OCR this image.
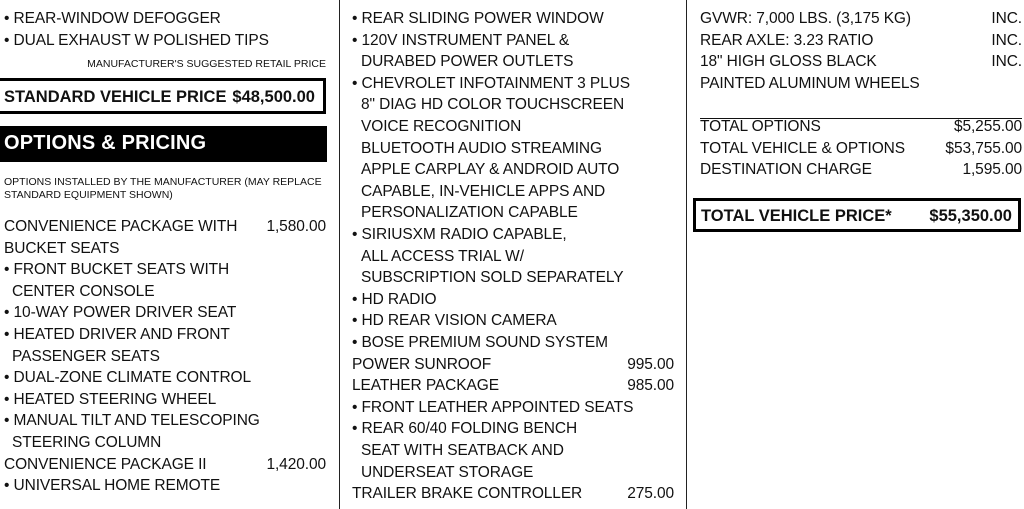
• REAR-WINDOW DEFOGGER
• DUAL EXHAUST W POLISHED TIPS
MANUFACTURER'S SUGGESTED RETAIL PRICE
STANDARD VEHICLE PRICE $48,500.00
OPTIONS & PRICING
OPTIONS INSTALLED BY THE MANUFACTURER (MAY REPLACE STANDARD EQUIPMENT SHOWN)
CONVENIENCE PACKAGE WITH 1,580.00
BUCKET SEATS
• FRONT BUCKET SEATS WITH
CENTER CONSOLE
• 10-WAY POWER DRIVER SEAT
• HEATED DRIVER AND FRONT
PASSENGER SEATS
• DUAL-ZONE CLIMATE CONTROL
• HEATED STEERING WHEEL
• MANUAL TILT AND TELESCOPING
STEERING COLUMN
CONVENIENCE PACKAGE II	1,420.00
• UNIVERSAL HOME REMOTE
• REAR SLIDING POWER WINDOW
• 120V INSTRUMENT PANEL &
DURABED POWER OUTLETS
• CHEVROLET INFOTAINMENT 3 PLUS
8" DIAG HD COLOR TOUCHSCREEN
VOICE RECOGNITION
BLUETOOTH AUDIO STREAMING
APPLE CARPLAY & ANDROID AUTO
CAPABLE, IN-VEHICLE APPS AND
PERSONALIZATION CAPABLE
• SIRIUSXM RADIO CAPABLE,
ALL ACCESS TRIAL W/
SUBSCRIPTION SOLD SEPARATELY
• HD RADIO
• HD REAR VISION CAMERA
• BOSE PREMIUM SOUND SYSTEM
POWER SUNROOF	995.00
LEATHER PACKAGE	985.00
• FRONT LEATHER APPOINTED SEATS
• REAR 60/40 FOLDING BENCH
SEAT WITH SEATBACK AND
UNDERSEAT STORAGE
TRAILER BRAKE CONTROLLER	275.00
GVWR: 7,000 LBS. (3,175 KG)	INC.
REAR AXLE: 3.23 RATIO	INC.
18" HIGH GLOSS BLACK	INC.
PAINTED ALUMINUM WHEELS
TOTAL OPTIONS	$5,255.00
TOTAL VEHICLE & OPTIONS	$53,755.00
DESTINATION CHARGE	1,595.00
TOTAL VEHICLE PRICE* $55,350.00
